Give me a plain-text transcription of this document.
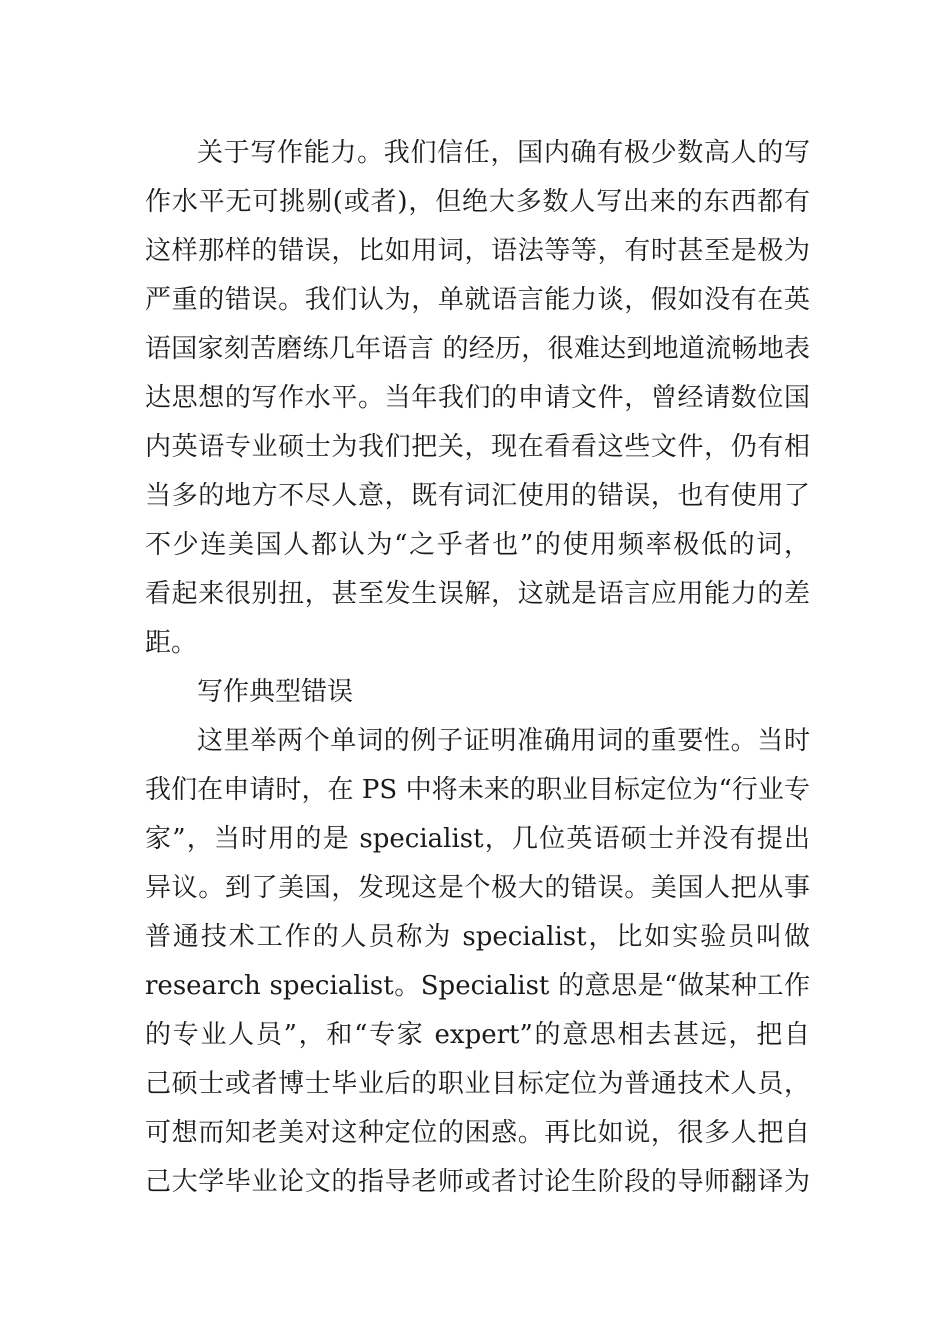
关于写作能力。我们信任，国内确有极少数高人的写
作水平无可挑剔(或者)，但绝大多数人写出来的东西都有
这样那样的错误，比如用词，语法等等，有时甚至是极为
严重的错误。我们认为，单就语言能力谈，假如没有在英
语国家刻苦磨练几年语言 的经历，很难达到地道流畅地表
达思想的写作水平。当年我们的申请文件，曾经请数位国
内英语专业硕士为我们把关，现在看看这些文件，仍有相
当多的地方不尽人意，既有词汇使用的错误，也有使用了
不少连美国人都认为“之乎者也”的使用频率极低的词，
看起来很别扭，甚至发生误解，这就是语言应用能力的差
距。
写作典型错误
这里举两个单词的例子证明准确用词的重要性。当时
我们在申请时，在 PS 中将未来的职业目标定位为“行业专
家”，当时用的是 specialist，几位英语硕士并没有提出
异议。到了美国，发现这是个极大的错误。美国人把从事
普通技术工作的人员称为 specialist，比如实验员叫做
research specialist。Specialist 的意思是“做某种工作
的专业人员”，和“专家 expert”的意思相去甚远，把自
己硕士或者博士毕业后的职业目标定位为普通技术人员，
可想而知老美对这种定位的困惑。再比如说，很多人把自
己大学毕业论文的指导老师或者讨论生阶段的导师翻译为
